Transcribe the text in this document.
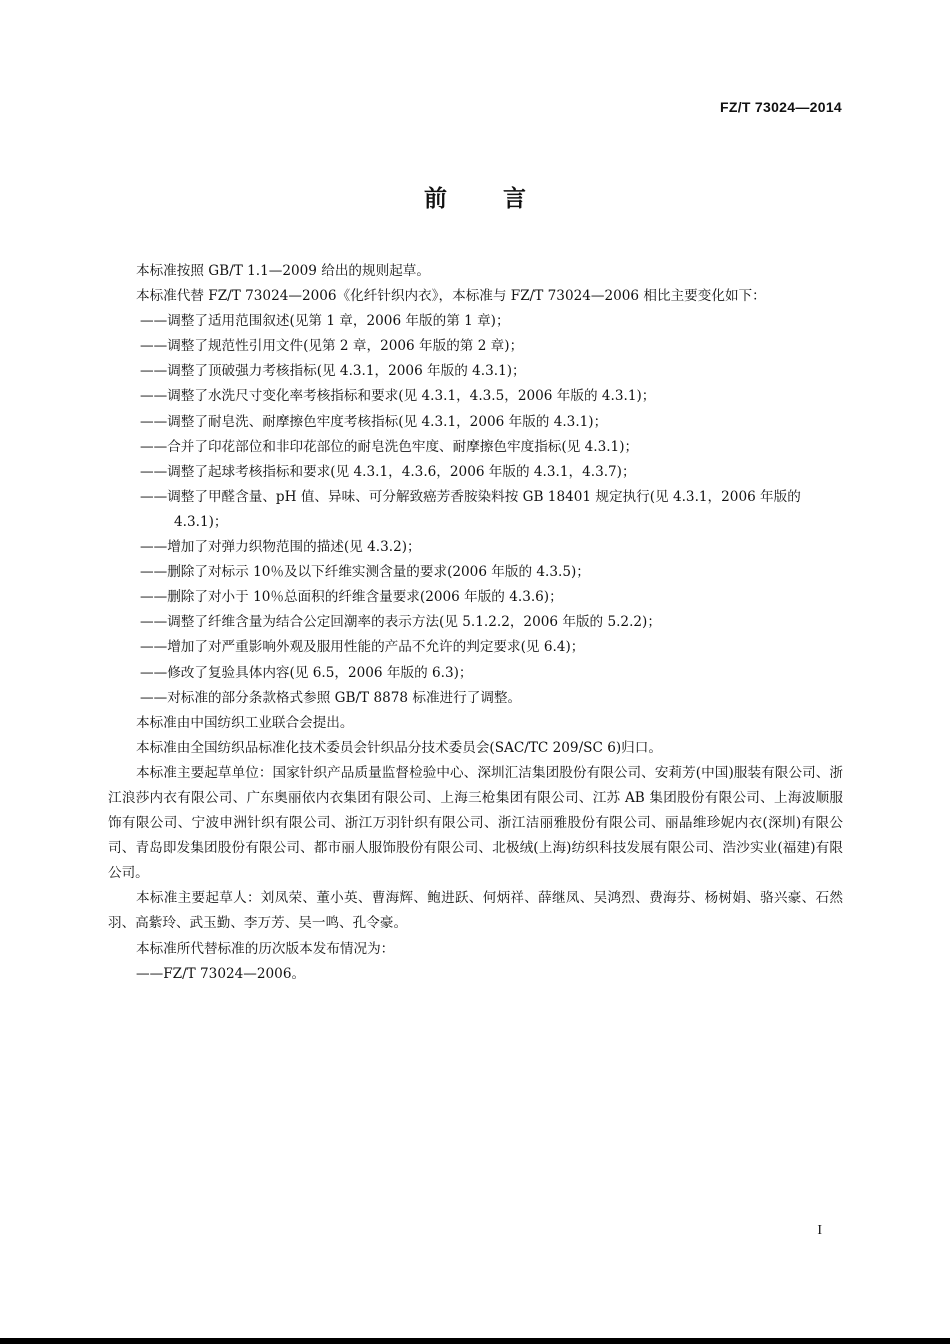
FZ/T 73024—2014
前 言

本标准按照 GB/T 1.1—2009 给出的规则起草。

本标准代替 FZ/T 73024—2006《化纤针织内衣》，本标准与 FZ/T 73024—2006 相比主要变化如下：

——调整了适用范围叙述(见第 1 章，2006 年版的第 1 章)；

——调整了规范性引用文件(见第 2 章，2006 年版的第 2 章)；

——调整了顶破强力考核指标(见 4.3.1，2006 年版的 4.3.1)；

——调整了水洗尺寸变化率考核指标和要求(见 4.3.1，4.3.5，2006 年版的 4.3.1)；

——调整了耐皂洗、耐摩擦色牢度考核指标(见 4.3.1，2006 年版的 4.3.1)；

——合并了印花部位和非印花部位的耐皂洗色牢度、耐摩擦色牢度指标(见 4.3.1)；

——调整了起球考核指标和要求(见 4.3.1，4.3.6，2006 年版的 4.3.1，4.3.7)；

——调整了甲醛含量、pH 值、异味、可分解致癌芳香胺染料按 GB 18401 规定执行(见 4.3.1，2006 年版的 4.3.1)；

——增加了对弹力织物范围的描述(见 4.3.2)；

——删除了对标示 10％及以下纤维实测含量的要求(2006 年版的 4.3.5)；

——删除了对小于 10％总面积的纤维含量要求(2006 年版的 4.3.6)；

——调整了纤维含量为结合公定回潮率的表示方法(见 5.1.2.2，2006 年版的 5.2.2)；

——增加了对严重影响外观及服用性能的产品不允许的判定要求(见 6.4)；

——修改了复验具体内容(见 6.5，2006 年版的 6.3)；

——对标准的部分条款格式参照 GB/T 8878 标准进行了调整。

本标准由中国纺织工业联合会提出。

本标准由全国纺织品标准化技术委员会针织品分技术委员会(SAC/TC 209/SC 6)归口。

本标准主要起草单位：国家针织产品质量监督检验中心、深圳汇洁集团股份有限公司、安莉芳(中国)服装有限公司、浙江浪莎内衣有限公司、广东奥丽依内衣集团有限公司、上海三枪集团有限公司、江苏 AB 集团股份有限公司、上海波顺服饰有限公司、宁波申洲针织有限公司、浙江万羽针织有限公司、浙江洁丽雅股份有限公司、丽晶维珍妮内衣(深圳)有限公司、青岛即发集团股份有限公司、都市丽人服饰股份有限公司、北极绒(上海)纺织科技发展有限公司、浩沙实业(福建)有限公司。

本标准主要起草人：刘凤荣、董小英、曹海辉、鲍进跃、何炳祥、薛继凤、吴鸿烈、费海芬、杨树娟、骆兴豪、石然羽、高紫玲、武玉勤、李万芳、吴一鸣、孔令豪。

本标准所代替标准的历次版本发布情况为：

——FZ/T 73024—2006。

I
